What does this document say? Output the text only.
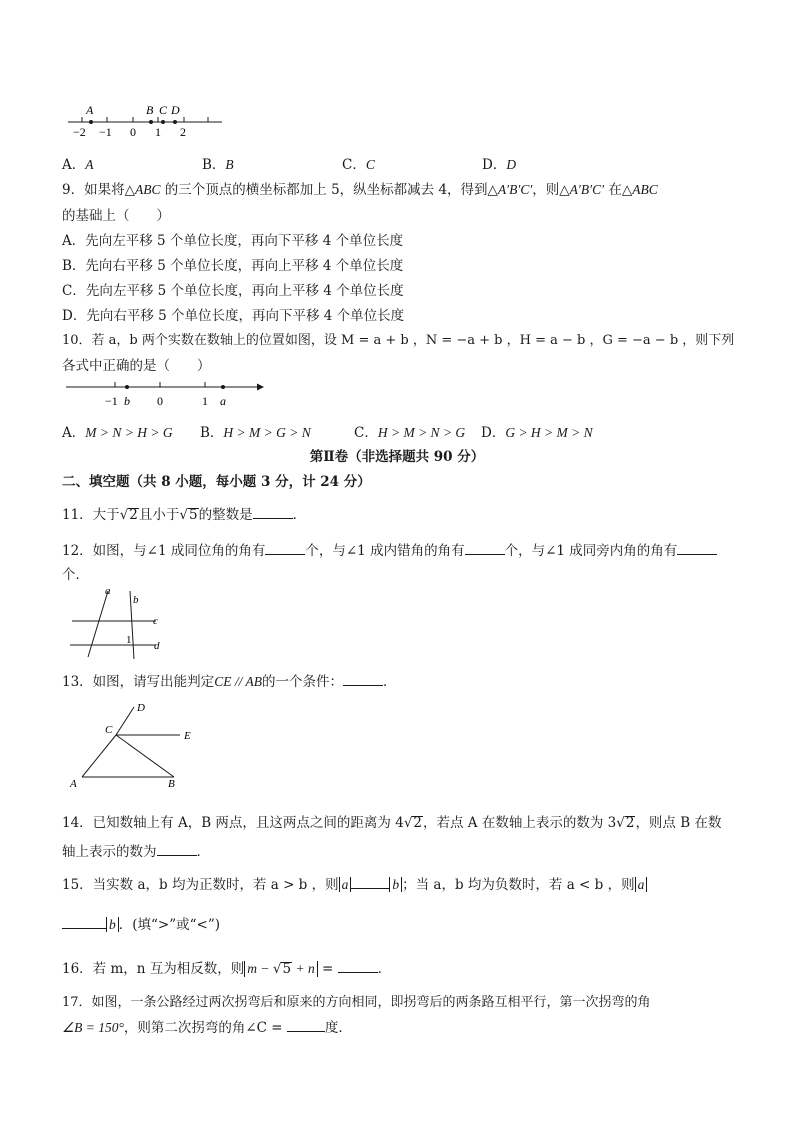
A	B C D
−2 −1 0 1 2
A．A	B．B	C．C	D．D
9．如果将△ABC 的三个顶点的横坐标都加上 5，纵坐标都减去 4，得到△A′B′C′，则△A′B′C′ 在△ABC
的基础上（　　）
A．先向左平移 5 个单位长度，再向下平移 4 个单位长度
B．先向右平移 5 个单位长度，再向上平移 4 个单位长度
C．先向左平移 5 个单位长度，再向上平移 4 个单位长度
D．先向右平移 5 个单位长度，再向下平移 4 个单位长度
10．若 a，b 两个实数在数轴上的位置如图，设 M = a + b ，N = −a + b ，H = a − b ，G = −a − b ，则下列
各式中正确的是（　　）
−1 b 0	1 a
A．M > N > H > G B．H > M > G > N	C．H > M > N > G D．G > H > M > N
第Ⅱ卷（非选择题共 90 分）
二、填空题（共 8 小题，每小题 3 分，计 24 分）
11．大于√2且小于√5的整数是	．
12．如图，与∠1 成同位角的角有	个，与∠1 成内错角的角有	个，与∠1 成同旁内角的角有
个．
a
b
c
d
1
13．如图，请写出能判定CE // AB的一个条件：	．
D
C	E
A	B
14．已知数轴上有 A，B 两点，且这两点之间的距离为 4√2，若点 A 在数轴上表示的数为 3√2，则点 B 在数
轴上表示的数为	．
15．当实数 a，b 均为正数时，若 a > b ，则 a	b ；当 a，b 均为负数时，若 a < b ，则 a
b ．(填“>”或“<”)
16．若 m，n 互为相反数，则 m − √5 + n =	．
17．如图，一条公路经过两次拐弯后和原来的方向相同，即拐弯后的两条路互相平行，第一次拐弯的角
∠B = 150°，则第二次拐弯的角∠C =	度．
